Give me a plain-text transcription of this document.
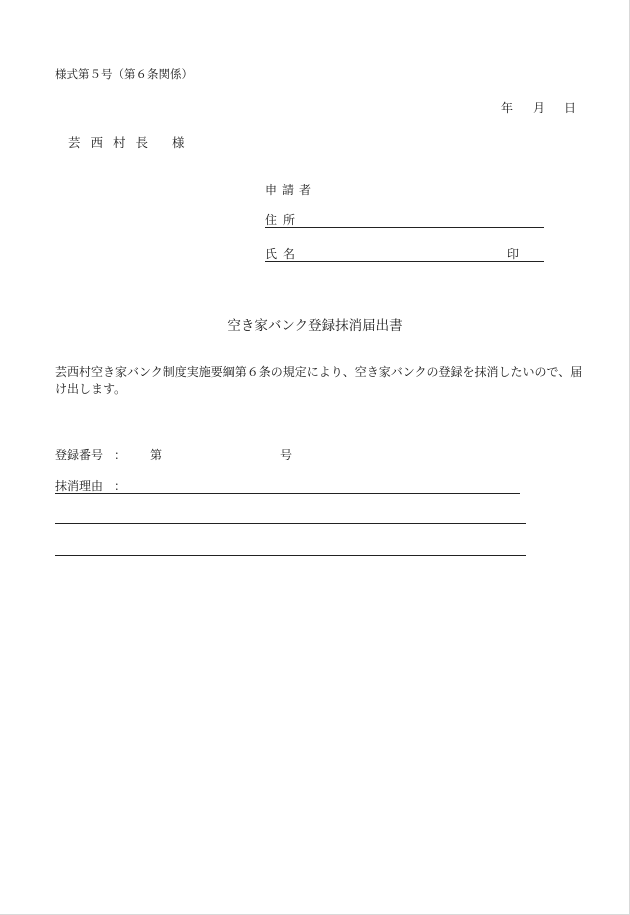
様式第５号（第６条関係）
年 月 日
芸西村長 様
申請者
住所
氏名	印
空き家バンク登録抹消届出書
芸西村空き家バンク制度実施要綱第６条の規定により、空き家バンクの登録を抹消したいので、届け出します。
登録番号 ： 第	号
抹消理由 ：
